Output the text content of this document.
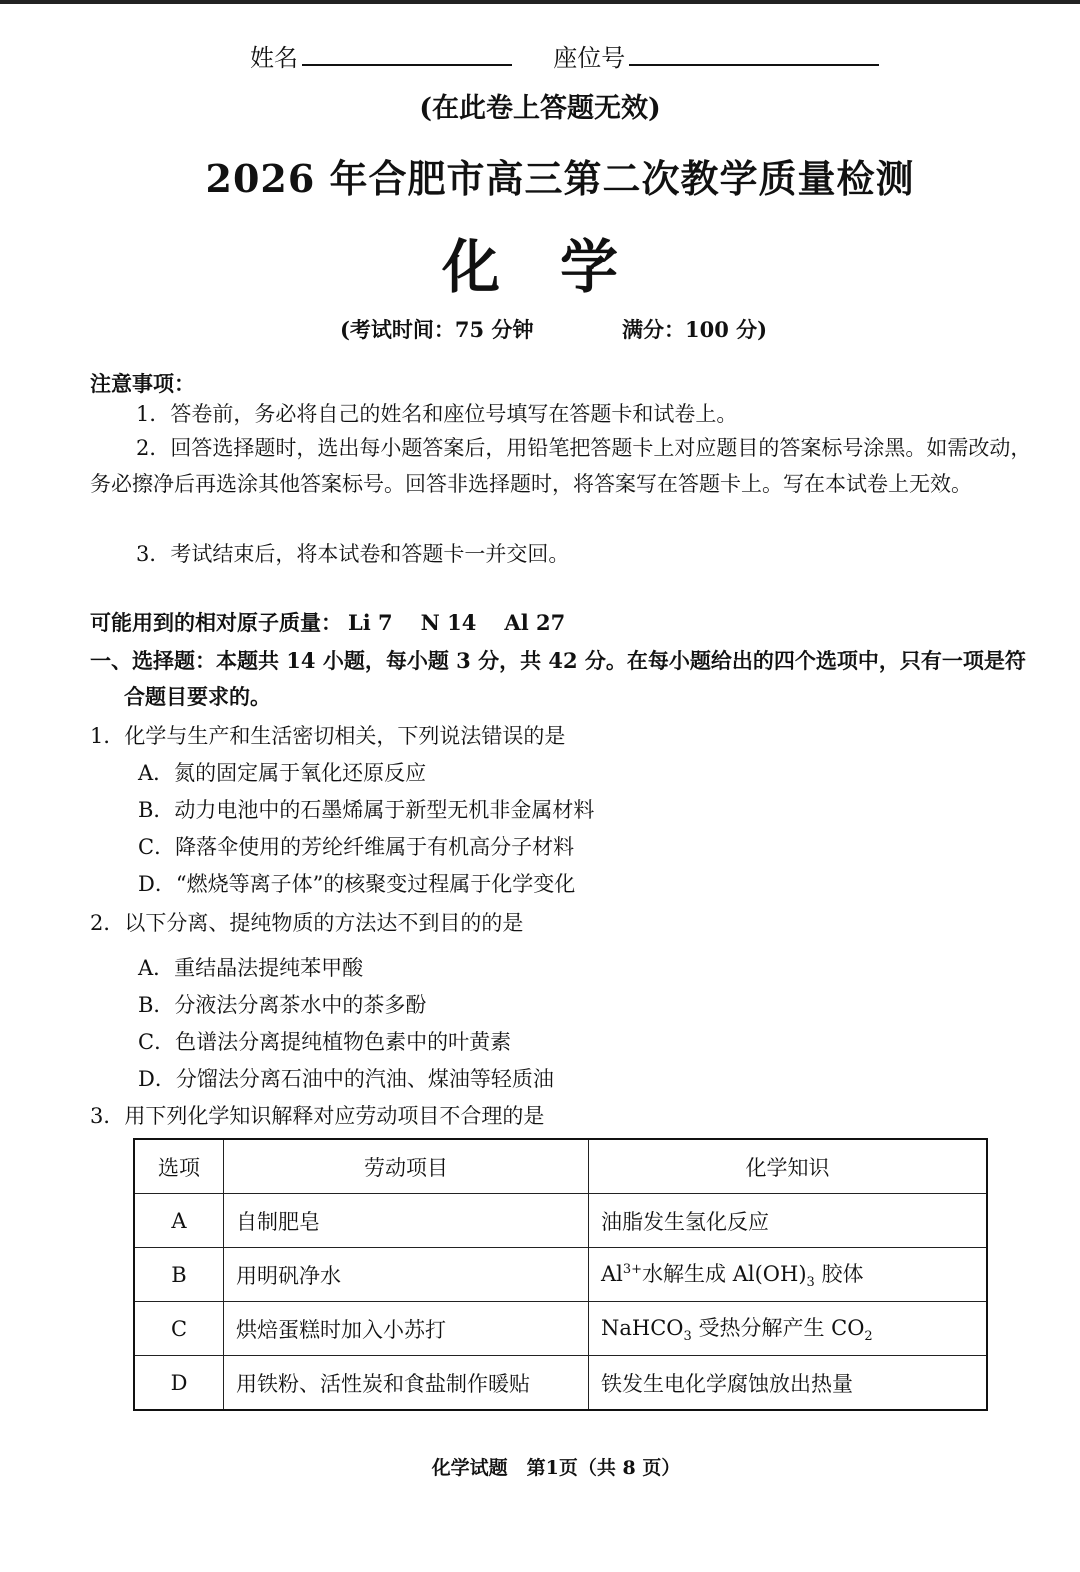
姓名	座位号
(在此卷上答题无效)
2026 年合肥市高三第二次教学质量检测
化学
(考试时间：75 分钟	满分：100 分)
注意事项：
1．答卷前，务必将自己的姓名和座位号填写在答题卡和试卷上。
2．回答选择题时，选出每小题答案后，用铅笔把答题卡上对应题目的答案标号涂黑。如需改动，务必擦净后再选涂其他答案标号。回答非选择题时，将答案写在答题卡上。写在本试卷上无效。
3．考试结束后，将本试卷和答题卡一并交回。
可能用到的相对原子质量： Li 7 N 14 Al 27
一、选择题：本题共 14 小题，每小题 3 分，共 42 分。在每小题给出的四个选项中，只有一项是符合题目要求的。
1．化学与生产和生活密切相关，下列说法错误的是
A．氮的固定属于氧化还原反应
B．动力电池中的石墨烯属于新型无机非金属材料
C．降落伞使用的芳纶纤维属于有机高分子材料
D．“燃烧等离子体”的核聚变过程属于化学变化
2．以下分离、提纯物质的方法达不到目的的是
A．重结晶法提纯苯甲酸
B．分液法分离茶水中的茶多酚
C．色谱法分离提纯植物色素中的叶黄素
D．分馏法分离石油中的汽油、煤油等轻质油
3．用下列化学知识解释对应劳动项目不合理的是
选项	劳动项目	化学知识
A	自制肥皂	油脂发生氢化反应
B	用明矾净水	$Al^{3+}$水解生成 $Al(OH)_3$ 胶体
C	烘焙蛋糕时加入小苏打	NaHCO$_3$ 受热分解产生 $CO_2$
D	用铁粉、活性炭和食盐制作暖贴	铁发生电化学腐蚀放出热量
化学试题　第1页（共 8 页）
